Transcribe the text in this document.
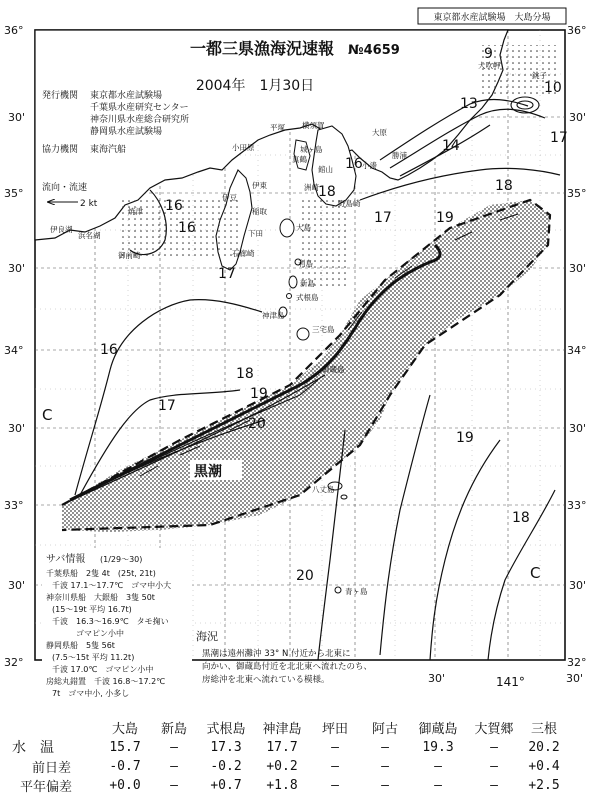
東京都水産試験場　大島分場
一都三県漁海況速報 №4659
2004年　1月30日
発行機関 東京都水産試験場
千葉県水産研究センター
神奈川県水産総合研究所
静岡県水産試験場
協力機関 東海汽船
流向・流速
2 kt
36°	36°
30'	30'
35°	35°
30'	30'
34°	34°
30'	30'
33°	33°
30'	30'
32°	32°
30'	141°	30'
9
10
13
14
16
16
16
16
17
17
17
17
18
18
18
18
19
19
19
20
20
C
C
黒潮
大吹岬
銚子
大原
勝浦
小湊
館山
洲崎
野島崎
横須賀
城ヶ島
真鶴
平塚
小田原
伊東
稲取
下田
石廊崎
大島
利島
新島
式根島
神津島
三宅島
御蔵島
八丈島
青ヶ島
焼津
御前崎
浜名湖
伊良湖
伊豆
サバ情報 (1/29〜30)
千葉県船　2隻 4t　(25t, 21t)
千波 17.1〜17.7℃　ゴマ中小大
神奈川県船　大銀船　3隻 50t
(15〜19t 平均 16.7t)
千波　16.3〜16.9℃　タモ掬い
　　　ゴマピン小中
静岡県船　5隻 56t
(7.5〜15t 平均 11.2t)
千波 17.0℃　ゴマピン小中
房総丸錯置　千波 16.8〜17.2℃
7t　ゴマ中小, 小多し
海況
黒潮は遠州灘沖 33° N 付近から北東に
向かい、御蔵島付近を北北東へ流れたのち、
房総沖を北東へ流れている模様。
	大島	新島	式根島	神津島	坪田	阿古	御蔵島	大賀郷	三根
水　温	15.7	—	17.3	17.7	—	—	19.3	—	20.2
前日差	-0.7	—	-0.2	+0.2	—	—	—	—	+0.4
平年偏差	+0.0	—	+0.7	+1.8	—	—	—	—	+2.5
